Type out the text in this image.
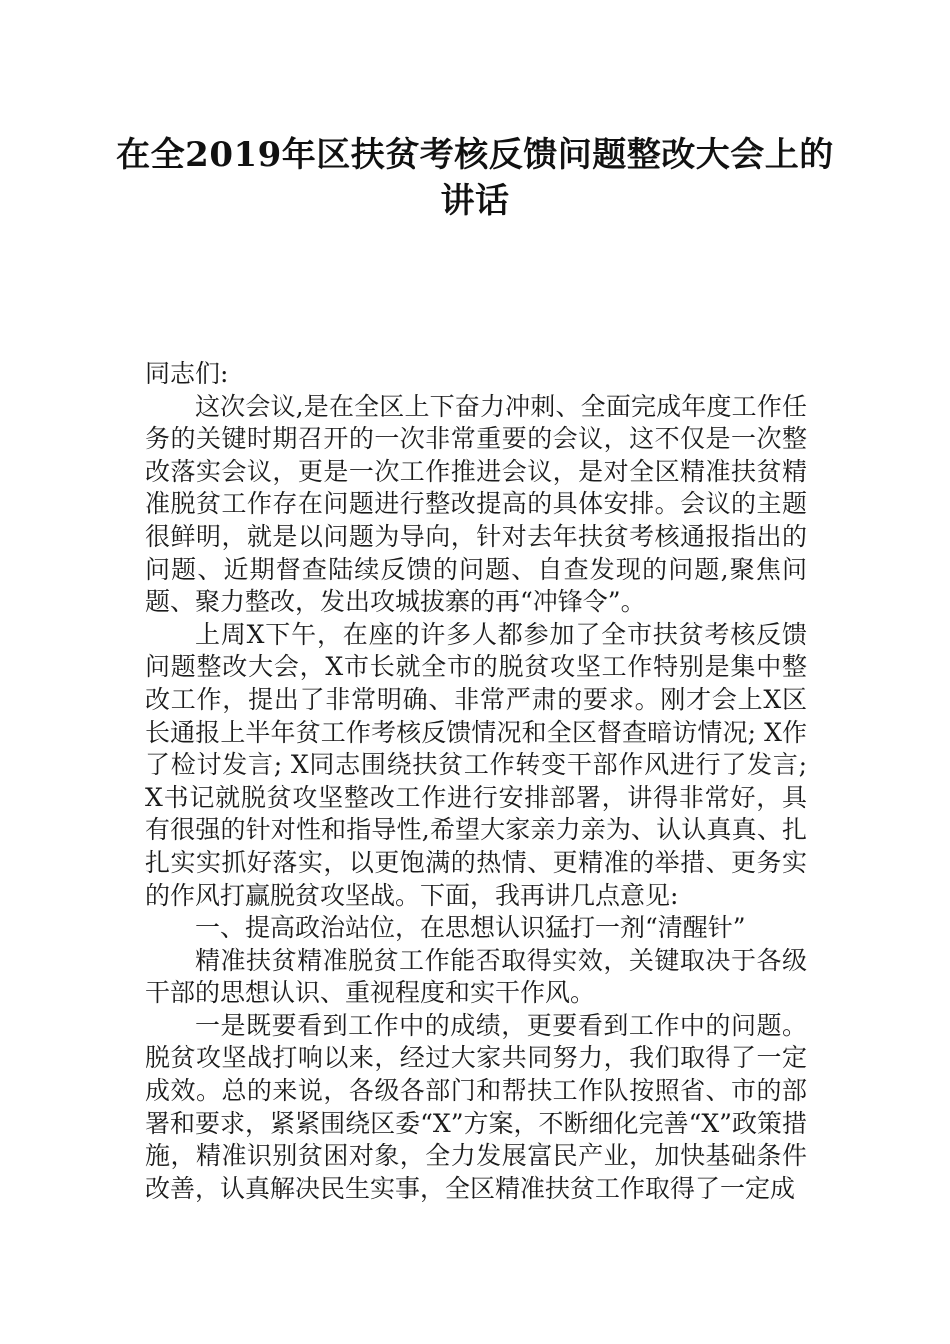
在全2019年区扶贫考核反馈问题整改大会上的讲话

同志们:

这次会议,是在全区上下奋力冲刺、全面完成年度工作任务的关键时期召开的一次非常重要的会议，这不仅是一次整改落实会议，更是一次工作推进会议，是对全区精准扶贫精准脱贫工作存在问题进行整改提高的具体安排。会议的主题很鲜明，就是以问题为导向，针对去年扶贫考核通报指出的问题、近期督查陆续反馈的问题、自查发现的问题,聚焦问题、聚力整改，发出攻城拔寨的再“冲锋令”。

上周X下午，在座的许多人都参加了全市扶贫考核反馈问题整改大会，X市长就全市的脱贫攻坚工作特别是集中整改工作，提出了非常明确、非常严肃的要求。刚才会上X区长通报上半年贫工作考核反馈情况和全区督查暗访情况; X作了检讨发言; X同志围绕扶贫工作转变干部作风进行了发言; X书记就脱贫攻坚整改工作进行安排部署，讲得非常好，具有很强的针对性和指导性,希望大家亲力亲为、认认真真、扎扎实实抓好落实，以更饱满的热情、更精准的举措、更务实的作风打赢脱贫攻坚战。下面，我再讲几点意见:

一、提高政治站位，在思想认识猛打一剂“清醒针”

精准扶贫精准脱贫工作能否取得实效，关键取决于各级干部的思想认识、重视程度和实干作风。

一是既要看到工作中的成绩，更要看到工作中的问题。脱贫攻坚战打响以来，经过大家共同努力，我们取得了一定成效。总的来说，各级各部门和帮扶工作队按照省、市的部署和要求，紧紧围绕区委“X”方案，不断细化完善“X”政策措施，精准识别贫困对象，全力发展富民产业，加快基础条件改善，认真解决民生实事，全区精准扶贫工作取得了一定成
